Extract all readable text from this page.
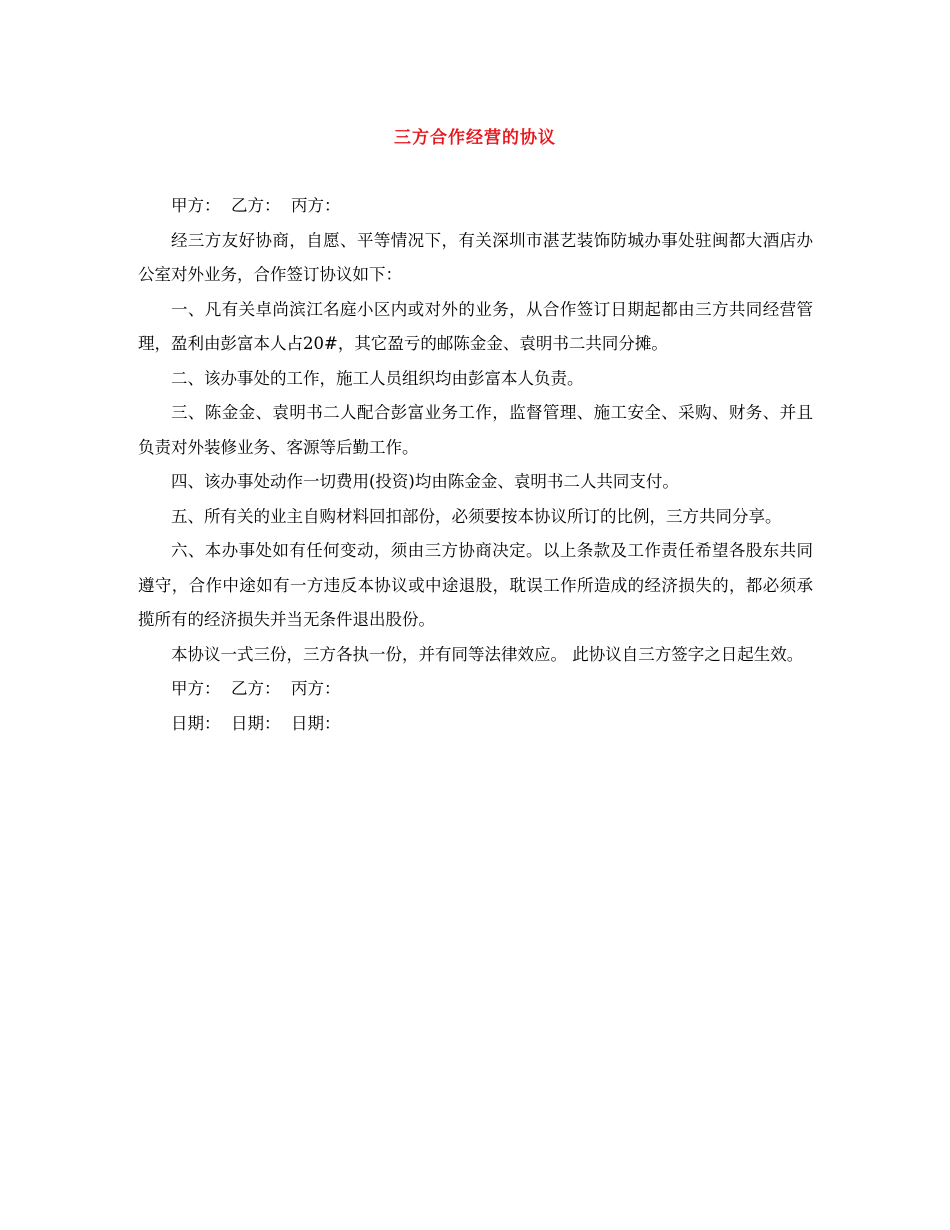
三方合作经营的协议

甲方：  乙方：  丙方：

经三方友好协商，自愿、平等情况下，有关深圳市湛艺装饰防城办事处驻闽都大酒店办公室对外业务，合作签订协议如下：

一、凡有关卓尚滨江名庭小区内或对外的业务，从合作签订日期起都由三方共同经营管理，盈利由彭富本人占20#，其它盈亏的邮陈金金、袁明书二共同分摊。

二、该办事处的工作，施工人员组织均由彭富本人负责。

三、陈金金、袁明书二人配合彭富业务工作，监督管理、施工安全、采购、财务、并且负责对外装修业务、客源等后勤工作。

四、该办事处动作一切费用(投资)均由陈金金、袁明书二人共同支付。

五、所有关的业主自购材料回扣部份，必须要按本协议所订的比例，三方共同分享。

六、本办事处如有任何变动，须由三方协商决定。以上条款及工作责任希望各股东共同遵守，合作中途如有一方违反本协议或中途退股，耽误工作所造成的经济损失的，都必须承揽所有的经济损失并当无条件退出股份。

本协议一式三份，三方各执一份，并有同等法律效应。 此协议自三方签字之日起生效。

甲方：  乙方：  丙方：

日期：  日期：  日期：
